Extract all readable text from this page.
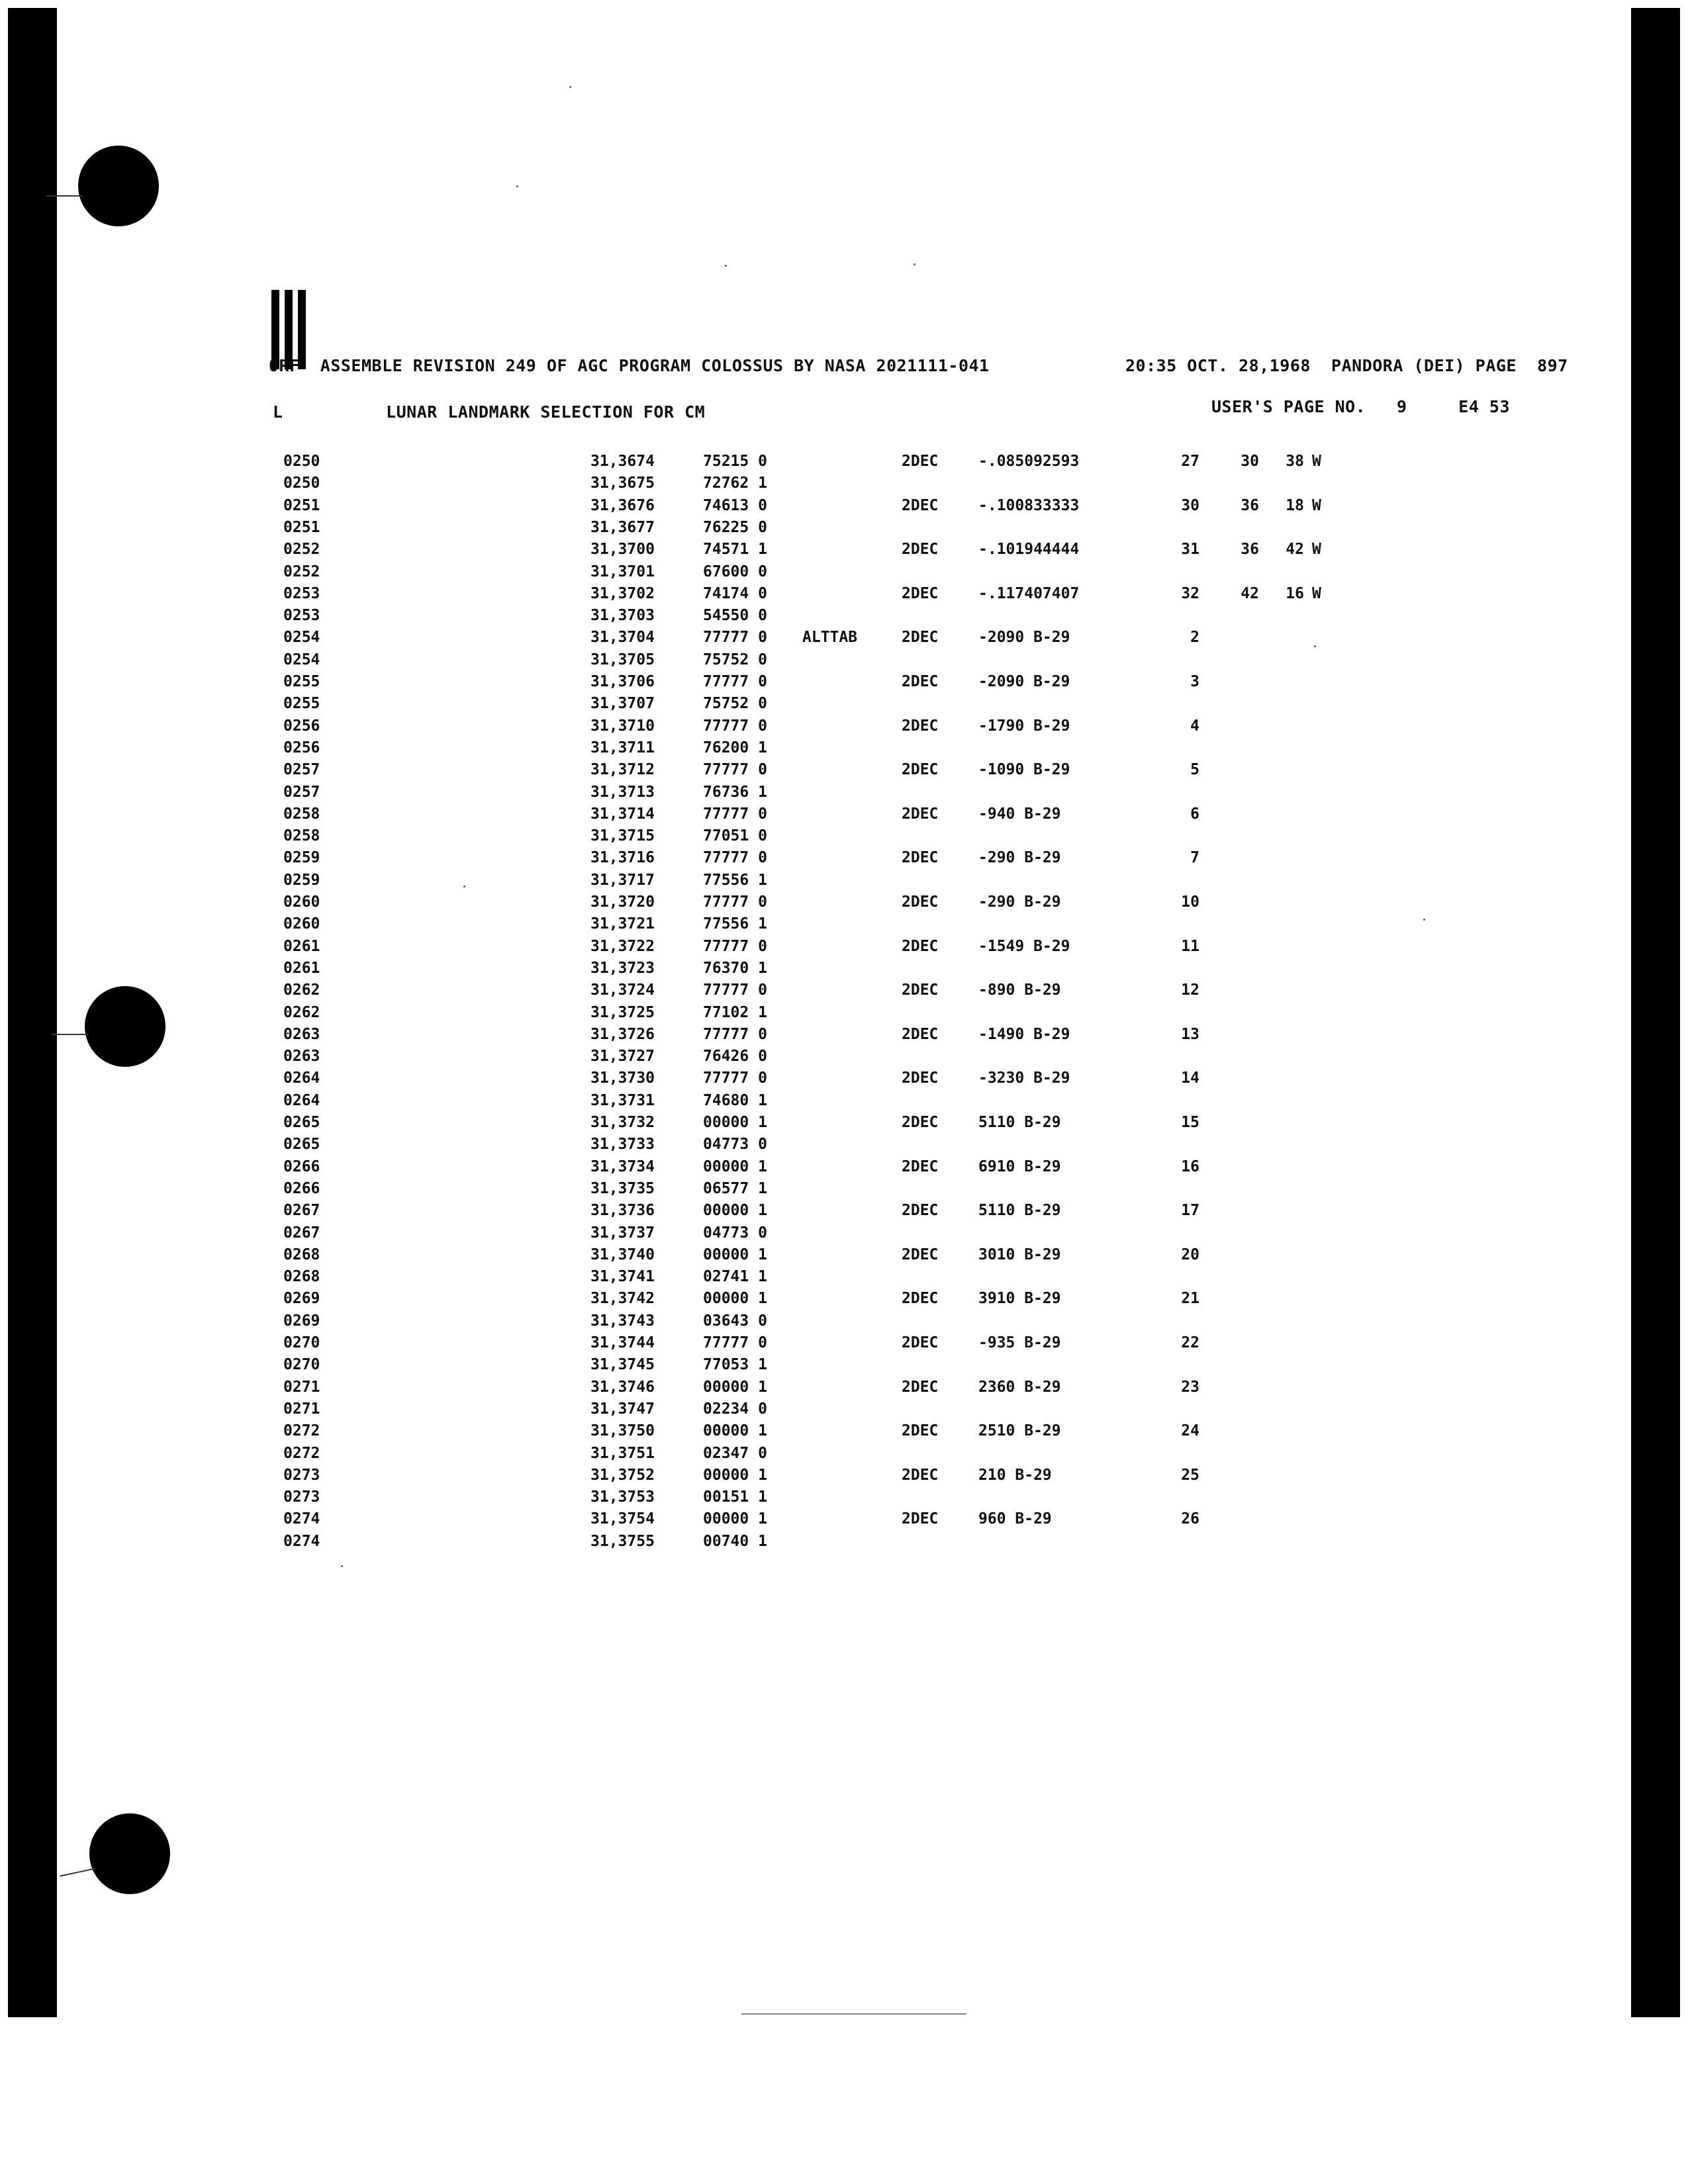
0RF ASSEMBLE REVISION 249 OF AGC PROGRAM COLOSSUS BY NASA 2021111-041	20:35 OCT. 28,1968 PANDORA (DEI) PAGE 897
L	LUNAR LANDMARK SELECTION FOR CM	USER'S PAGE NO. 9	E4 53
0250	31,3674	75215 0	2DEC	-.085092593	27	30	38 W
0250	31,3675	72762 1
0251	31,3676	74613 0	2DEC	-.100833333	30	36	18 W
0251	31,3677	76225 0
0252	31,3700	74571 1	2DEC	-.101944444	31	36	42 W
0252	31,3701	67600 0
0253	31,3702	74174 0	2DEC	-.117407407	32	42	16 W
0253	31,3703	54550 0
0254	31,3704	77777 0 ALTTAB	2DEC	-2090 B-29	2
0254	31,3705	75752 0
0255	31,3706	77777 0	2DEC	-2090 B-29	3
0255	31,3707	75752 0
0256	31,3710	77777 0	2DEC	-1790 B-29	4
0256	31,3711	76200 1
0257	31,3712	77777 0	2DEC	-1090 B-29	5
0257	31,3713	76736 1
0258	31,3714	77777 0	2DEC	-940 B-29	6
0258	31,3715	77051 0
0259	31,3716	77777 0	2DEC	-290 B-29	7
0259	31,3717	77556 1
0260	31,3720	77777 0	2DEC	-290 B-29	10
0260	31,3721	77556 1
0261	31,3722	77777 0	2DEC	-1549 B-29	11
0261	31,3723	76370 1
0262	31,3724	77777 0	2DEC	-890 B-29	12
0262	31,3725	77102 1
0263	31,3726	77777 0	2DEC	-1490 B-29	13
0263	31,3727	76426 0
0264	31,3730	77777 0	2DEC	-3230 B-29	14
0264	31,3731	74680 1
0265	31,3732	00000 1	2DEC	5110 B-29	15
0265	31,3733	04773 0
0266	31,3734	00000 1	2DEC	6910 B-29	16
0266	31,3735	06577 1
0267	31,3736	00000 1	2DEC	5110 B-29	17
0267	31,3737	04773 0
0268	31,3740	00000 1	2DEC	3010 B-29	20
0268	31,3741	02741 1
0269	31,3742	00000 1	2DEC	3910 B-29	21
0269	31,3743	03643 0
0270	31,3744	77777 0	2DEC	-935 B-29	22
0270	31,3745	77053 1
0271	31,3746	00000 1	2DEC	2360 B-29	23
0271	31,3747	02234 0
0272	31,3750	00000 1	2DEC	2510 B-29	24
0272	31,3751	02347 0
0273	31,3752	00000 1	2DEC	210 B-29	25
0273	31,3753	00151 1
0274	31,3754	00000 1	2DEC	960 B-29	26
0274	31,3755	00740 1
